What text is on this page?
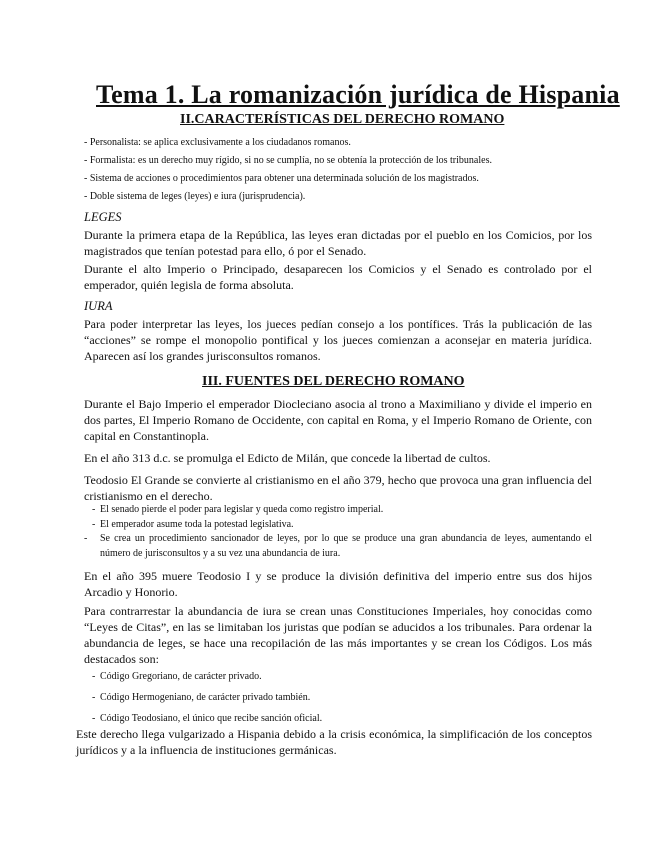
Tema 1. La romanización jurídica de Hispania
II.CARACTERÍSTICAS DEL DERECHO ROMANO

- Personalista: se aplica exclusivamente a los ciudadanos romanos.

- Formalista: es un derecho muy rígido, si no se cumplía, no se obtenía la protección de los tribunales.

- Sistema de acciones o procedimientos para obtener una determinada solución de los magistrados.

- Doble sistema de leges (leyes) e iura (jurisprudencia).

LEGES

Durante la primera etapa de la República, las leyes eran dictadas por el pueblo en los Comicios, por los magistrados que tenían potestad para ello, ó por el Senado.

Durante el alto Imperio o Principado, desaparecen los Comicios y el Senado es controlado por el emperador, quién legisla de forma absoluta.

IURA

Para poder interpretar las leyes, los jueces pedían consejo a los pontífices. Trás la publicación de las “acciones” se rompe el monopolio pontifical y los jueces comienzan a aconsejar en materia jurídica. Aparecen así los grandes jurisconsultos romanos.

III. FUENTES DEL DERECHO ROMANO

Durante el Bajo Imperio el emperador Diocleciano asocia al trono a Maximiliano y divide el imperio en dos partes, El Imperio Romano de Occidente, con capital en Roma, y el Imperio Romano de Oriente, con capital en Constantinopla.

En el año 313 d.c. se promulga el Edicto de Milán, que concede la libertad de cultos.

Teodosio El Grande se convierte al cristianismo en el año 379, hecho que provoca una gran influencia del cristianismo en el derecho.

- El senado pierde el poder para legislar y queda como registro imperial.
- El emperador asume toda la potestad legislativa.
- Se crea un procedimiento sancionador de leyes, por lo que se produce una gran abundancia de leyes, aumentando el número de jurisconsultos y a su vez una abundancia de iura.

En el año 395 muere Teodosio I y se produce la división definitiva del imperio entre sus dos hijos Arcadio y Honorio.

Para contrarrestar la abundancia de iura se crean unas Constituciones Imperiales, hoy conocidas como “Leyes de Citas”, en las se limitaban los juristas que podían se aducidos a los tribunales. Para ordenar la abundancia de leges, se hace una recopilación de las más importantes y se crean los Códigos. Los más destacados son:

- Código Gregoriano, de carácter privado.
- Código Hermogeniano, de carácter privado también.
- Código Teodosiano, el único que recibe sanción oficial.

Este derecho llega vulgarizado a Hispania debido a la crisis económica, la simplificación de los conceptos jurídicos y a la influencia de instituciones germánicas.
